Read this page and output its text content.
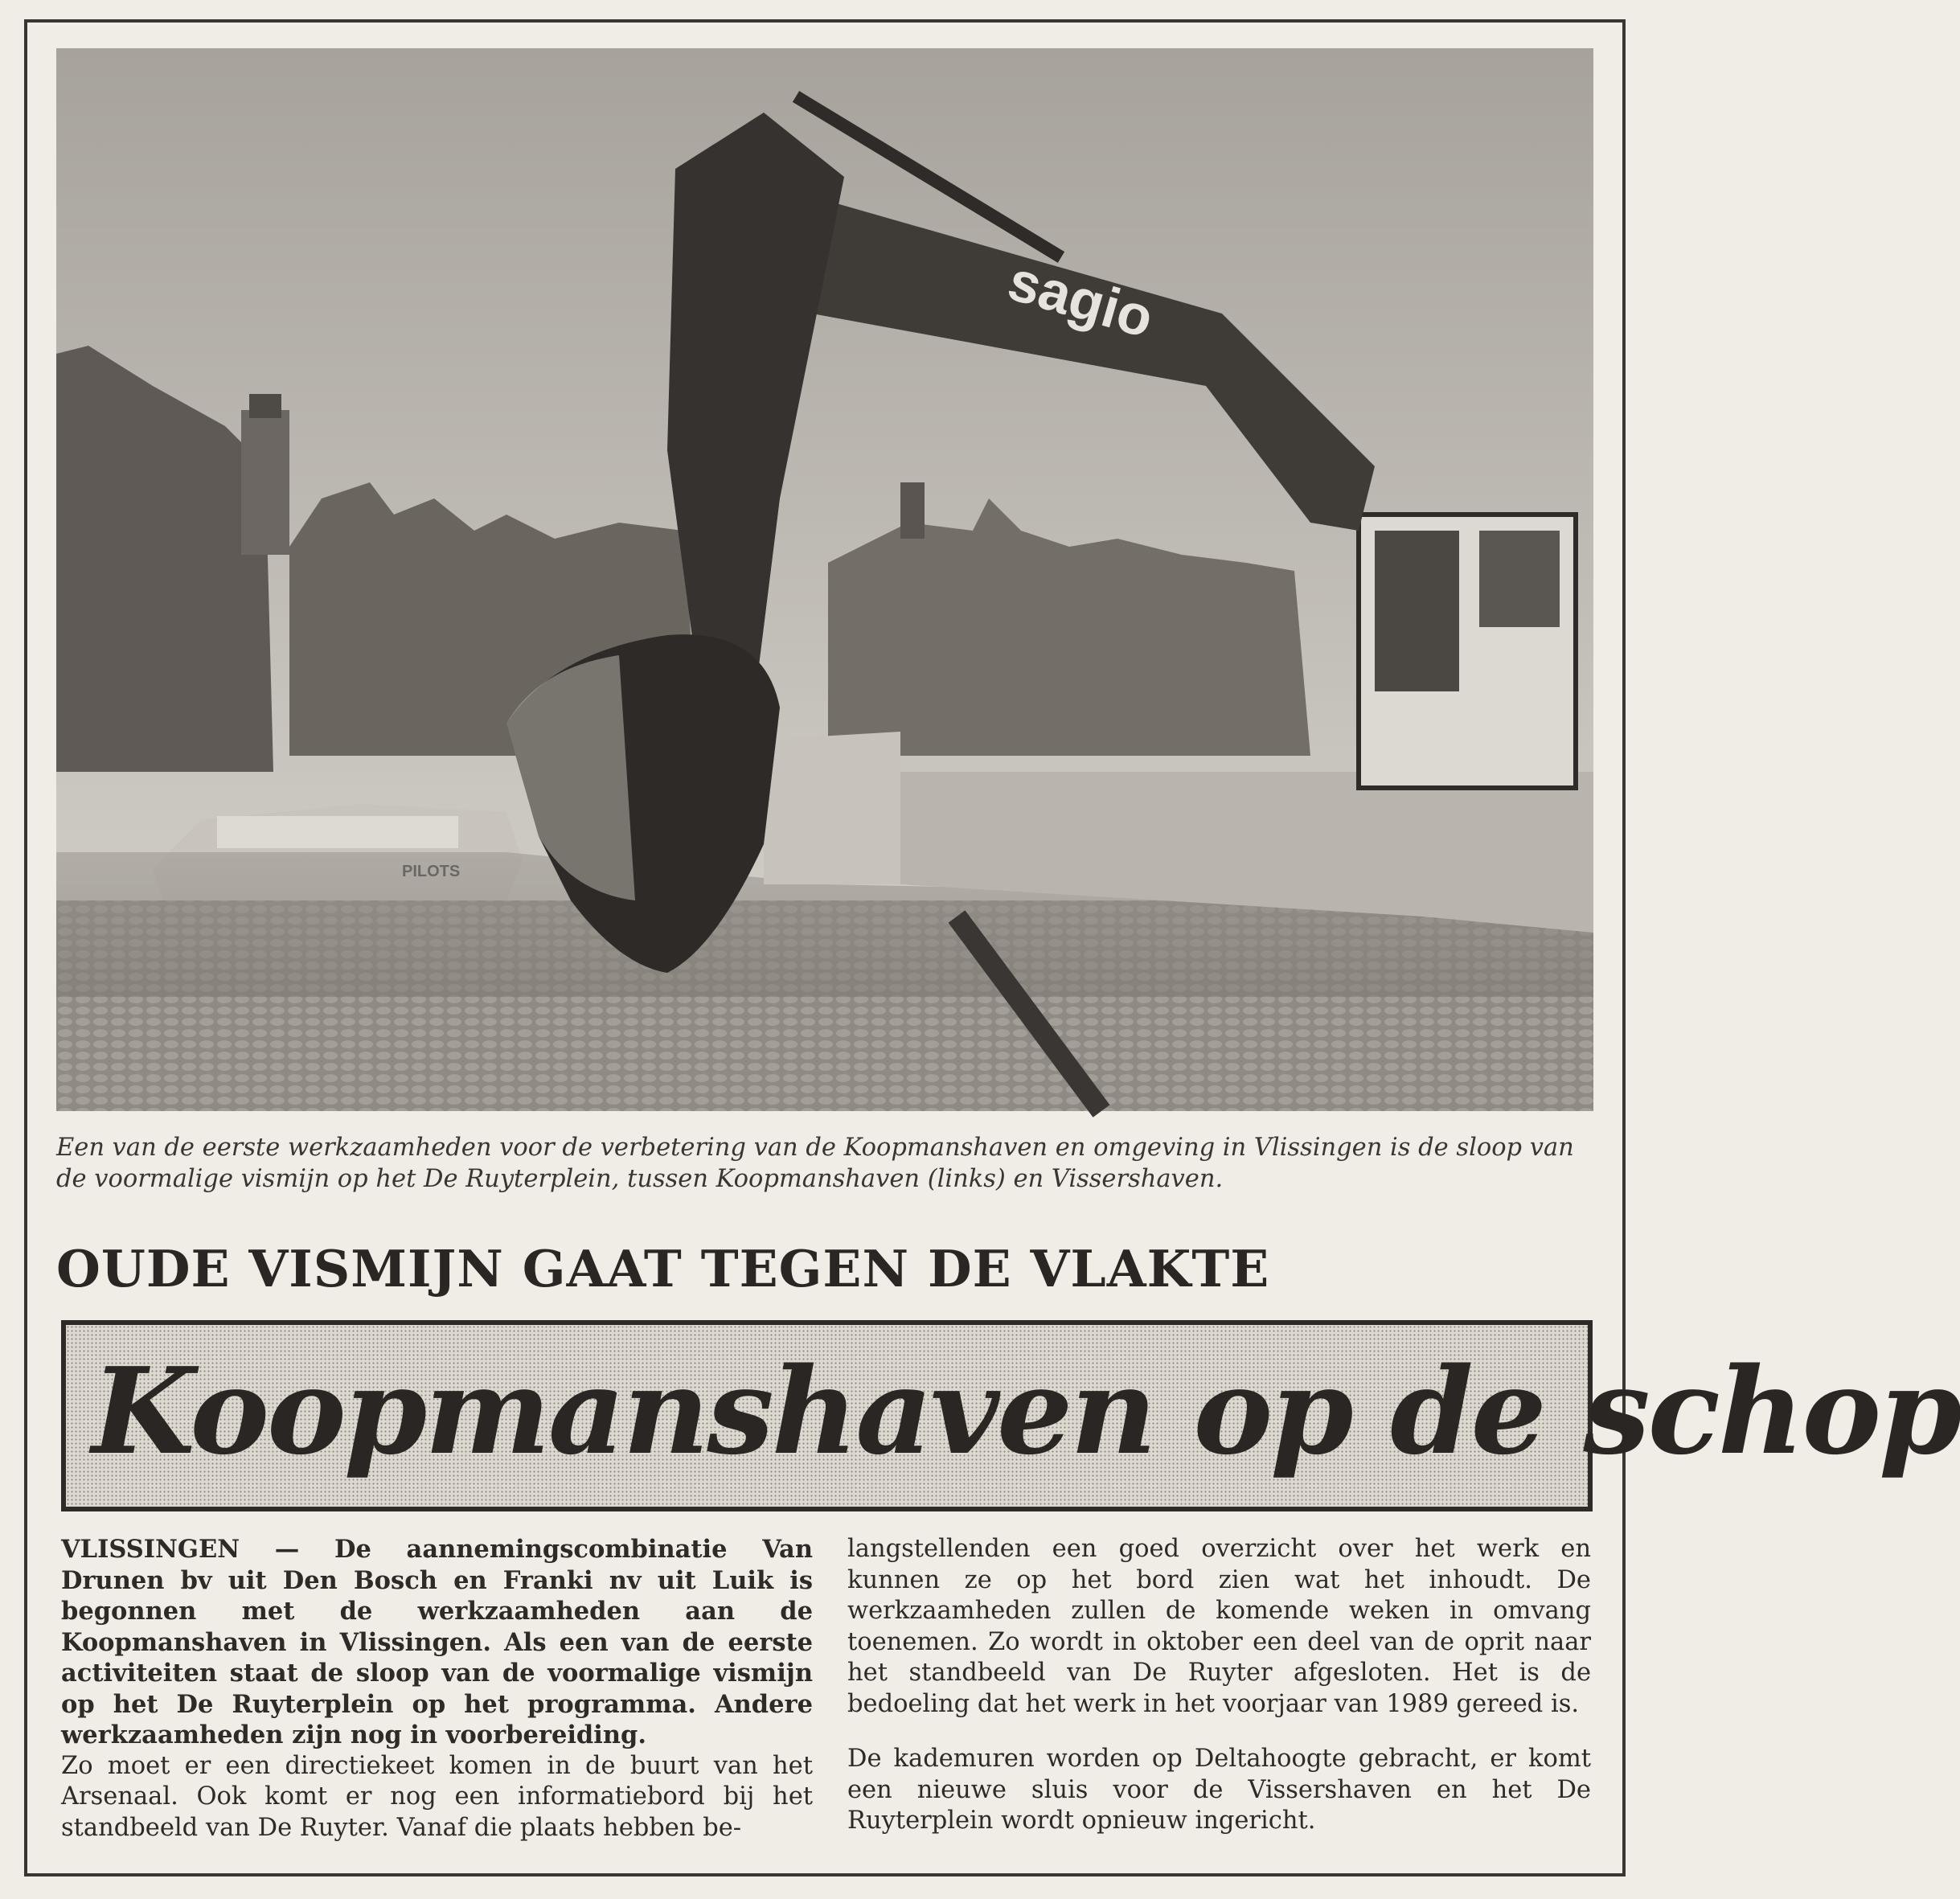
sagio

Een van de eerste werkzaamheden voor de verbetering van de Koopmanshaven en omgeving in Vlissingen is de sloop van de voormalige vismijn op het De Ruyterplein, tussen Koopmanshaven (links) en Vissershaven.

OUDE VISMIJN GAAT TEGEN DE VLAKTE
Koopmanshaven op de schop

VLISSINGEN — De aannemingscombinatie Van Drunen bv uit Den Bosch en Franki nv uit Luik is begonnen met de werkzaamheden aan de Koopmanshaven in Vlissingen. Als een van de eerste activiteiten staat de sloop van de voormalige vismijn op het De Ruyterplein op het programma. Andere werkzaamheden zijn nog in voorbereiding.

Zo moet er een directiekeet komen in de buurt van het Arsenaal. Ook komt er nog een informatiebord bij het standbeeld van De Ruyter. Vanaf die plaats hebben be-

langstellenden een goed overzicht over het werk en kunnen ze op het bord zien wat het inhoudt. De werkzaamheden zullen de komende weken in omvang toenemen. Zo wordt in oktober een deel van de oprit naar het standbeeld van De Ruyter afgesloten. Het is de bedoeling dat het werk in het voorjaar van 1989 gereed is.

De kademuren worden op Deltahoogte gebracht, er komt een nieuwe sluis voor de Vissershaven en het De Ruyterplein wordt opnieuw ingericht.
